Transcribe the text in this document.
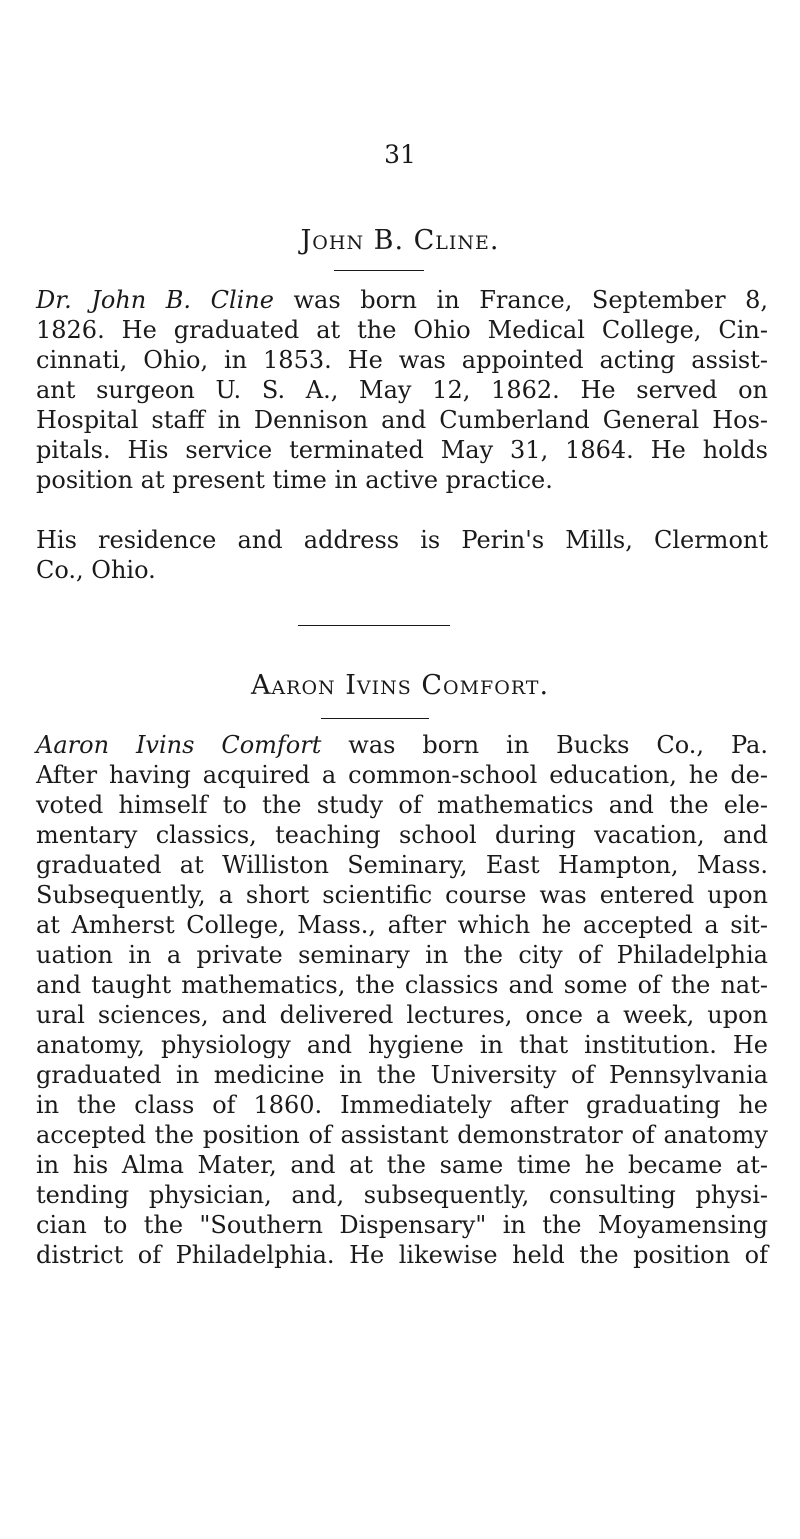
31
John B. Cline.
Dr. John B. Cline was born in France, September 8,
1826. He graduated at the Ohio Medical College, Cin-
cinnati, Ohio, in 1853. He was appointed acting assist-
ant surgeon U. S. A., May 12, 1862. He served on
Hospital staff in Dennison and Cumberland General Hos-
pitals. His service terminated May 31, 1864. He holds
position at present time in active practice.
His residence and address is Perin's Mills, Clermont
Co., Ohio.
Aaron Ivins Comfort.
Aaron Ivins Comfort was born in Bucks Co., Pa.
After having acquired a common-school education, he de-
voted himself to the study of mathematics and the ele-
mentary classics, teaching school during vacation, and
graduated at Williston Seminary, East Hampton, Mass.
Subsequently, a short scientific course was entered upon
at Amherst College, Mass., after which he accepted a sit-
uation in a private seminary in the city of Philadelphia
and taught mathematics, the classics and some of the nat-
ural sciences, and delivered lectures, once a week, upon
anatomy, physiology and hygiene in that institution. He
graduated in medicine in the University of Pennsylvania
in the class of 1860. Immediately after graduating he
accepted the position of assistant demonstrator of anatomy
in his Alma Mater, and at the same time he became at-
tending physician, and, subsequently, consulting physi-
cian to the "Southern Dispensary" in the Moyamensing
district of Philadelphia. He likewise held the position of
